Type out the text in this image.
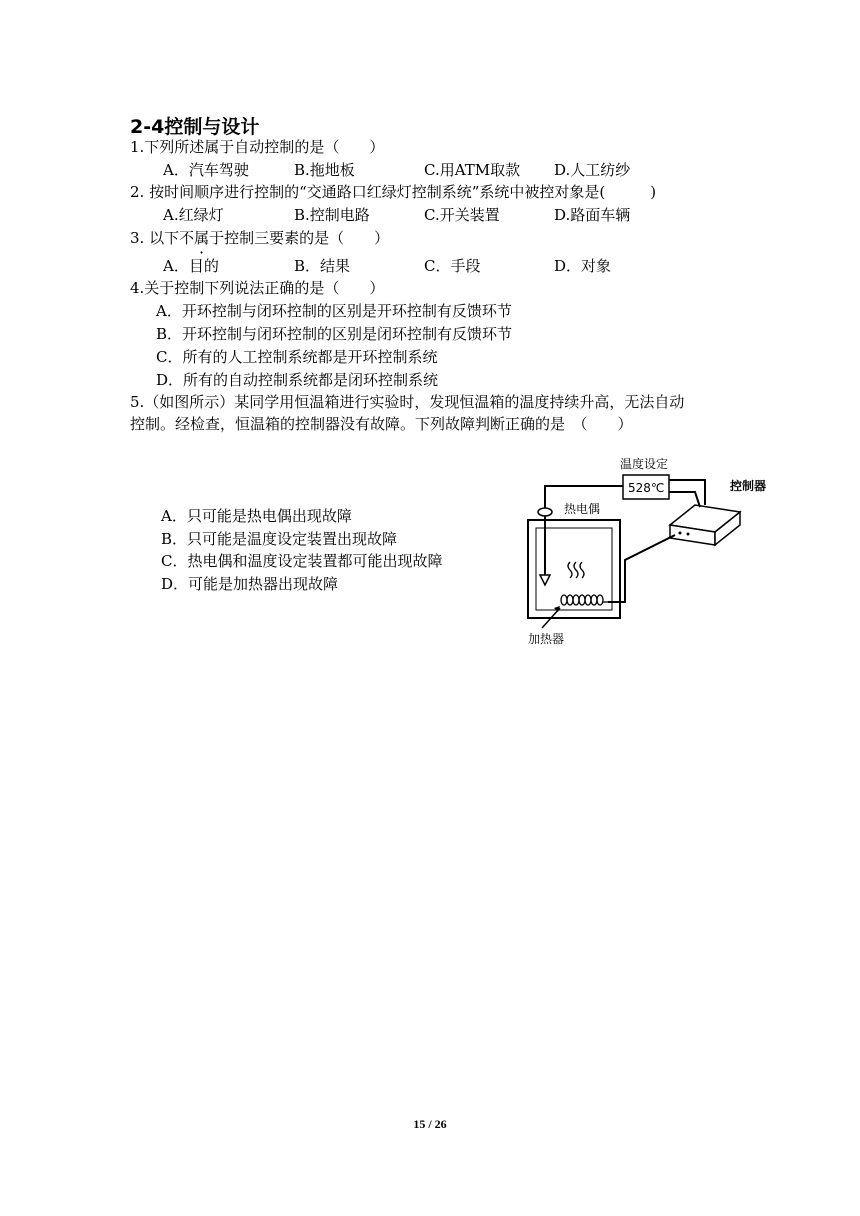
2-4控制与设计
1.下列所述属于自动控制的是（　　）
A．汽车驾驶	B.拖地板	C.用ATM取款 D.人工纺纱
2. 按时间顺序进行控制的“交通路口红绿灯控制系统”系统中被控对象是(　　　)
A.红绿灯	B.控制电路	C.开关装置	D.路面车辆
3. 以下不属于控制三要素的是（　　）
A．目的	B．结果	C．手段	D．对象
4.关于控制下列说法正确的是（　　）
A．开环控制与闭环控制的区别是开环控制有反馈环节
B．开环控制与闭环控制的区别是闭环控制有反馈环节
C．所有的人工控制系统都是开环控制系统
D．所有的自动控制系统都是闭环控制系统
5.（如图所示）某同学用恒温箱进行实验时，发现恒温箱的温度持续升高，无法自动
控制。经检查，恒温箱的控制器没有故障。下列故障判断正确的是　（　　）
A．只可能是热电偶出现故障
B．只可能是温度设定装置出现故障
C．热电偶和温度设定装置都可能出现故障
D．可能是加热器出现故障
温度设定
控制器
热电偶
加热器
528℃
15 / 26
